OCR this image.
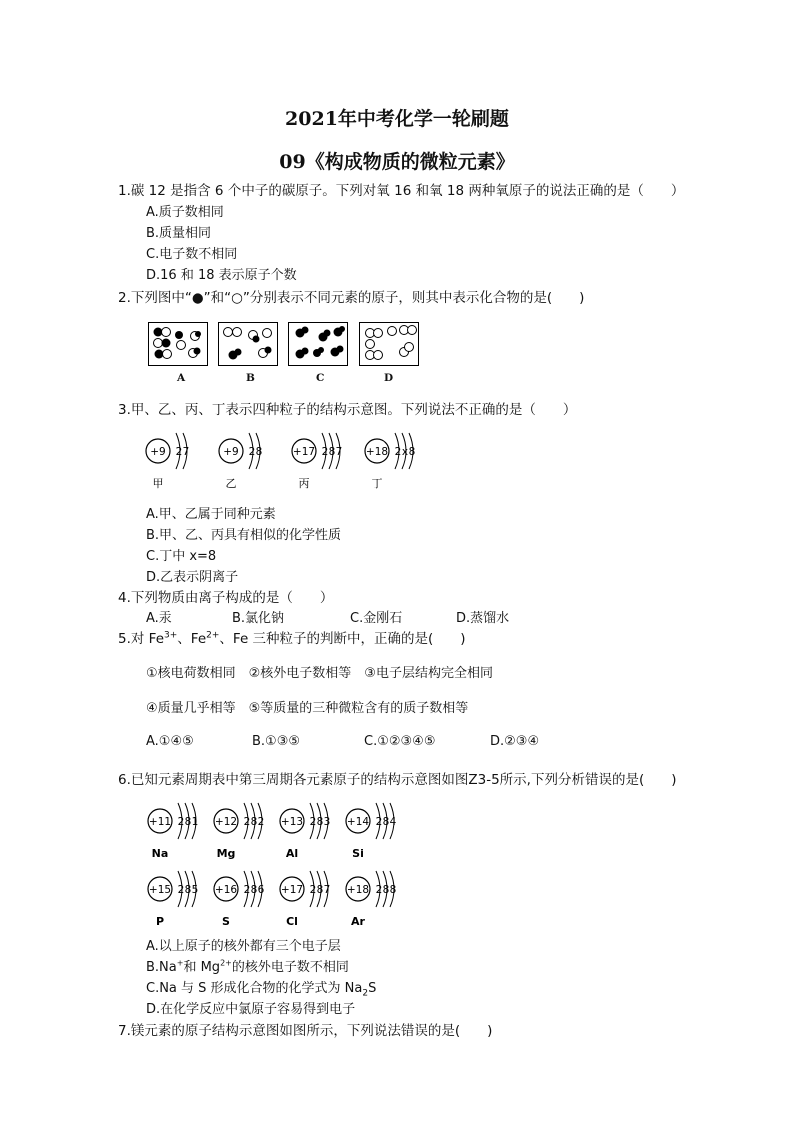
2021年中考化学一轮刷题
09《构成物质的微粒元素》
1.碳 12 是指含 6 个中子的碳原子。下列对氧 16 和氧 18 两种氧原子的说法正确的是（　　）
A.质子数相同
B.质量相同
C.电子数不相同
D.16 和 18 表示原子个数
2.下列图中“●”和“○”分别表示不同元素的原子，则其中表示化合物的是(　　)
A	B	C	D
3.甲、乙、丙、丁表示四种粒子的结构示意图。下列说法不正确的是（　　）
+9 2 7
甲
+9 2 8
乙
+17 2 8 7
丙
+18 2 x 8
丁
A.甲、乙属于同种元素
B.甲、乙、丙具有相似的化学性质
C.丁中 x=8
D.乙表示阴离子
4.下列物质由离子构成的是（　　）
A.汞	B.氯化钠	C.金刚石	D.蒸馏水
5.对 $Fe^{3+}$、$Fe^{2+}$、Fe 三种粒子的判断中，正确的是(　　)
①核电荷数相同　②核外电子数相等　③电子层结构完全相同
④质量几乎相等　⑤等质量的三种微粒含有的质子数相等
A.①④⑤	B.①③⑤	C.①②③④⑤	D.②③④
6.已知元素周期表中第三周期各元素原子的结构示意图如图Z3-5所示,下列分析错误的是(　　)
+11 2 8 1
Na
+12 2 8 2
Mg
+13 2 8 3
Al
+14 2 8 4
Si
+15 2 8 5
P
+16 2 8 6
S
+17 2 8 7
Cl
+18 2 8 8
Ar
A.以上原子的核外都有三个电子层
B.Na+和 $Mg^{2+}$的核外电子数不相同
C.Na 与 S 形成化合物的化学式为 $Na_2S$
D.在化学反应中氯原子容易得到电子
7.镁元素的原子结构示意图如图所示，下列说法错误的是(　　)
